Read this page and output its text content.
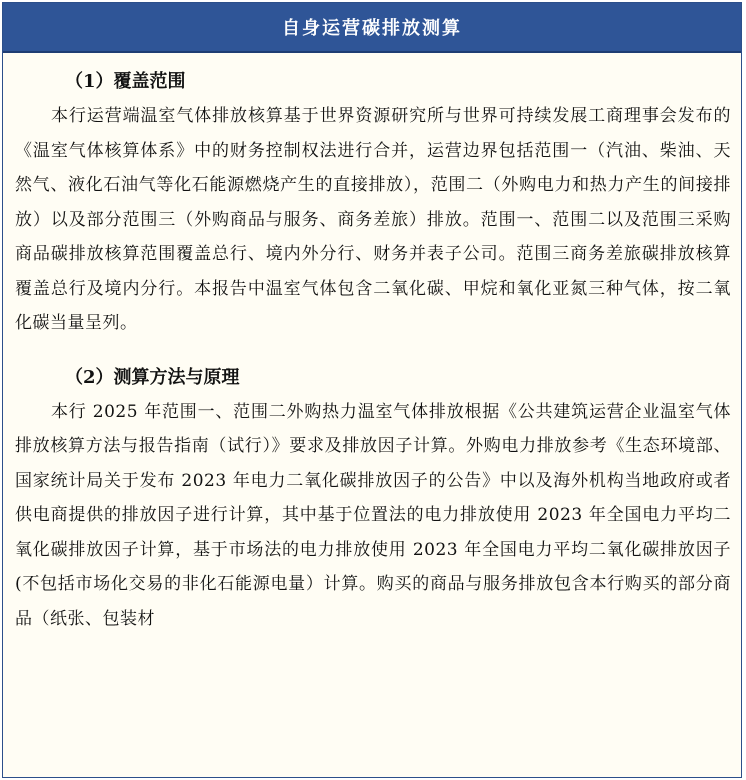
自身运营碳排放测算
（1）覆盖范围

本行运营端温室气体排放核算基于世界资源研究所与世界可持续发展工商理事会发布的《温室气体核算体系》中的财务控制权法进行合并，运营边界包括范围一（汽油、柴油、天然气、液化石油气等化石能源燃烧产生的直接排放），范围二（外购电力和热力产生的间接排放）以及部分范围三（外购商品与服务、商务差旅）排放。范围一、范围二以及范围三采购商品碳排放核算范围覆盖总行、境内外分行、财务并表子公司。范围三商务差旅碳排放核算覆盖总行及境内分行。本报告中温室气体包含二氧化碳、甲烷和氧化亚氮三种气体，按二氧化碳当量呈列。

（2）测算方法与原理

本行 2025 年范围一、范围二外购热力温室气体排放根据《公共建筑运营企业温室气体排放核算方法与报告指南（试行）》要求及排放因子计算。外购电力排放参考《生态环境部、国家统计局关于发布 2023 年电力二氧化碳排放因子的公告》中以及海外机构当地政府或者供电商提供的排放因子进行计算，其中基于位置法的电力排放使用 2023 年全国电力平均二氧化碳排放因子计算，基于市场法的电力排放使用 2023 年全国电力平均二氧化碳排放因子(不包括市场化交易的非化石能源电量）计算。购买的商品与服务排放包含本行购买的部分商品（纸张、包装材
